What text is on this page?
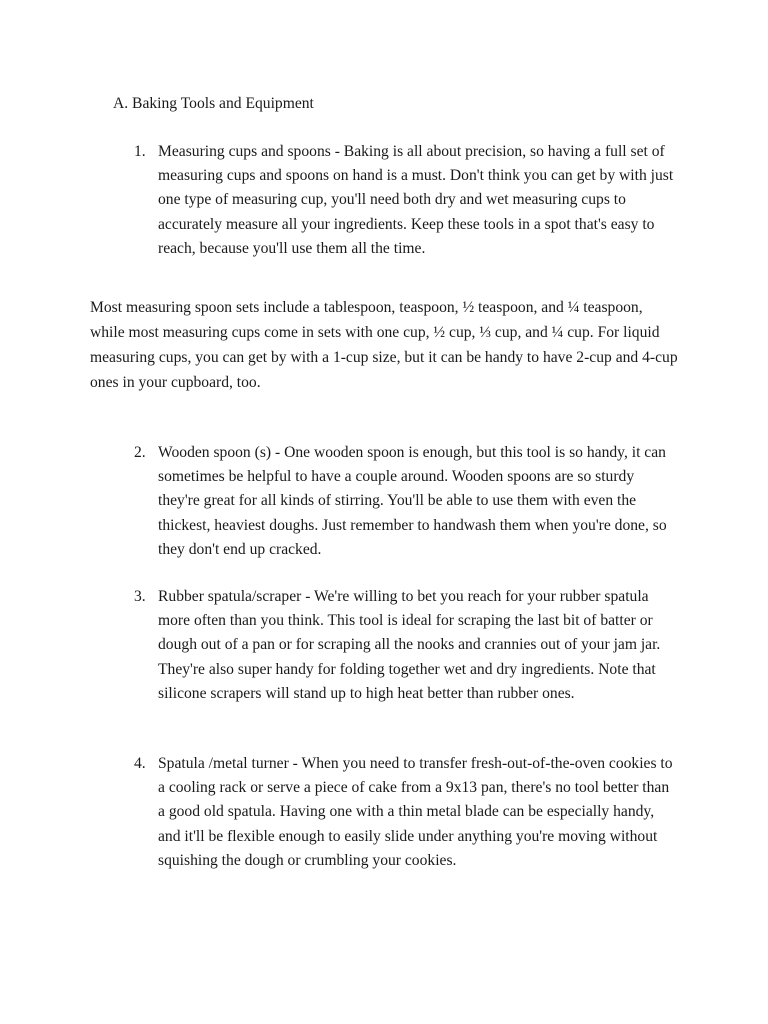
A. Baking Tools and Equipment
1. Measuring cups and spoons - Baking is all about precision, so having a full set of measuring cups and spoons on hand is a must. Don't think you can get by with just one type of measuring cup, you'll need both dry and wet measuring cups to accurately measure all your ingredients. Keep these tools in a spot that's easy to reach, because you'll use them all the time.
Most measuring spoon sets include a tablespoon, teaspoon, ½ teaspoon, and ¼ teaspoon, while most measuring cups come in sets with one cup, ½ cup, ⅓ cup, and ¼ cup. For liquid measuring cups, you can get by with a 1-cup size, but it can be handy to have 2-cup and 4-cup ones in your cupboard, too.
2. Wooden spoon (s) - One wooden spoon is enough, but this tool is so handy, it can sometimes be helpful to have a couple around. Wooden spoons are so sturdy they're great for all kinds of stirring. You'll be able to use them with even the thickest, heaviest doughs. Just remember to handwash them when you're done, so they don't end up cracked.
3. Rubber spatula/scraper - We're willing to bet you reach for your rubber spatula more often than you think. This tool is ideal for scraping the last bit of batter or dough out of a pan or for scraping all the nooks and crannies out of your jam jar. They're also super handy for folding together wet and dry ingredients. Note that silicone scrapers will stand up to high heat better than rubber ones.
4. Spatula /metal turner - When you need to transfer fresh-out-of-the-oven cookies to a cooling rack or serve a piece of cake from a 9x13 pan, there's no tool better than a good old spatula. Having one with a thin metal blade can be especially handy, and it'll be flexible enough to easily slide under anything you're moving without squishing the dough or crumbling your cookies.
